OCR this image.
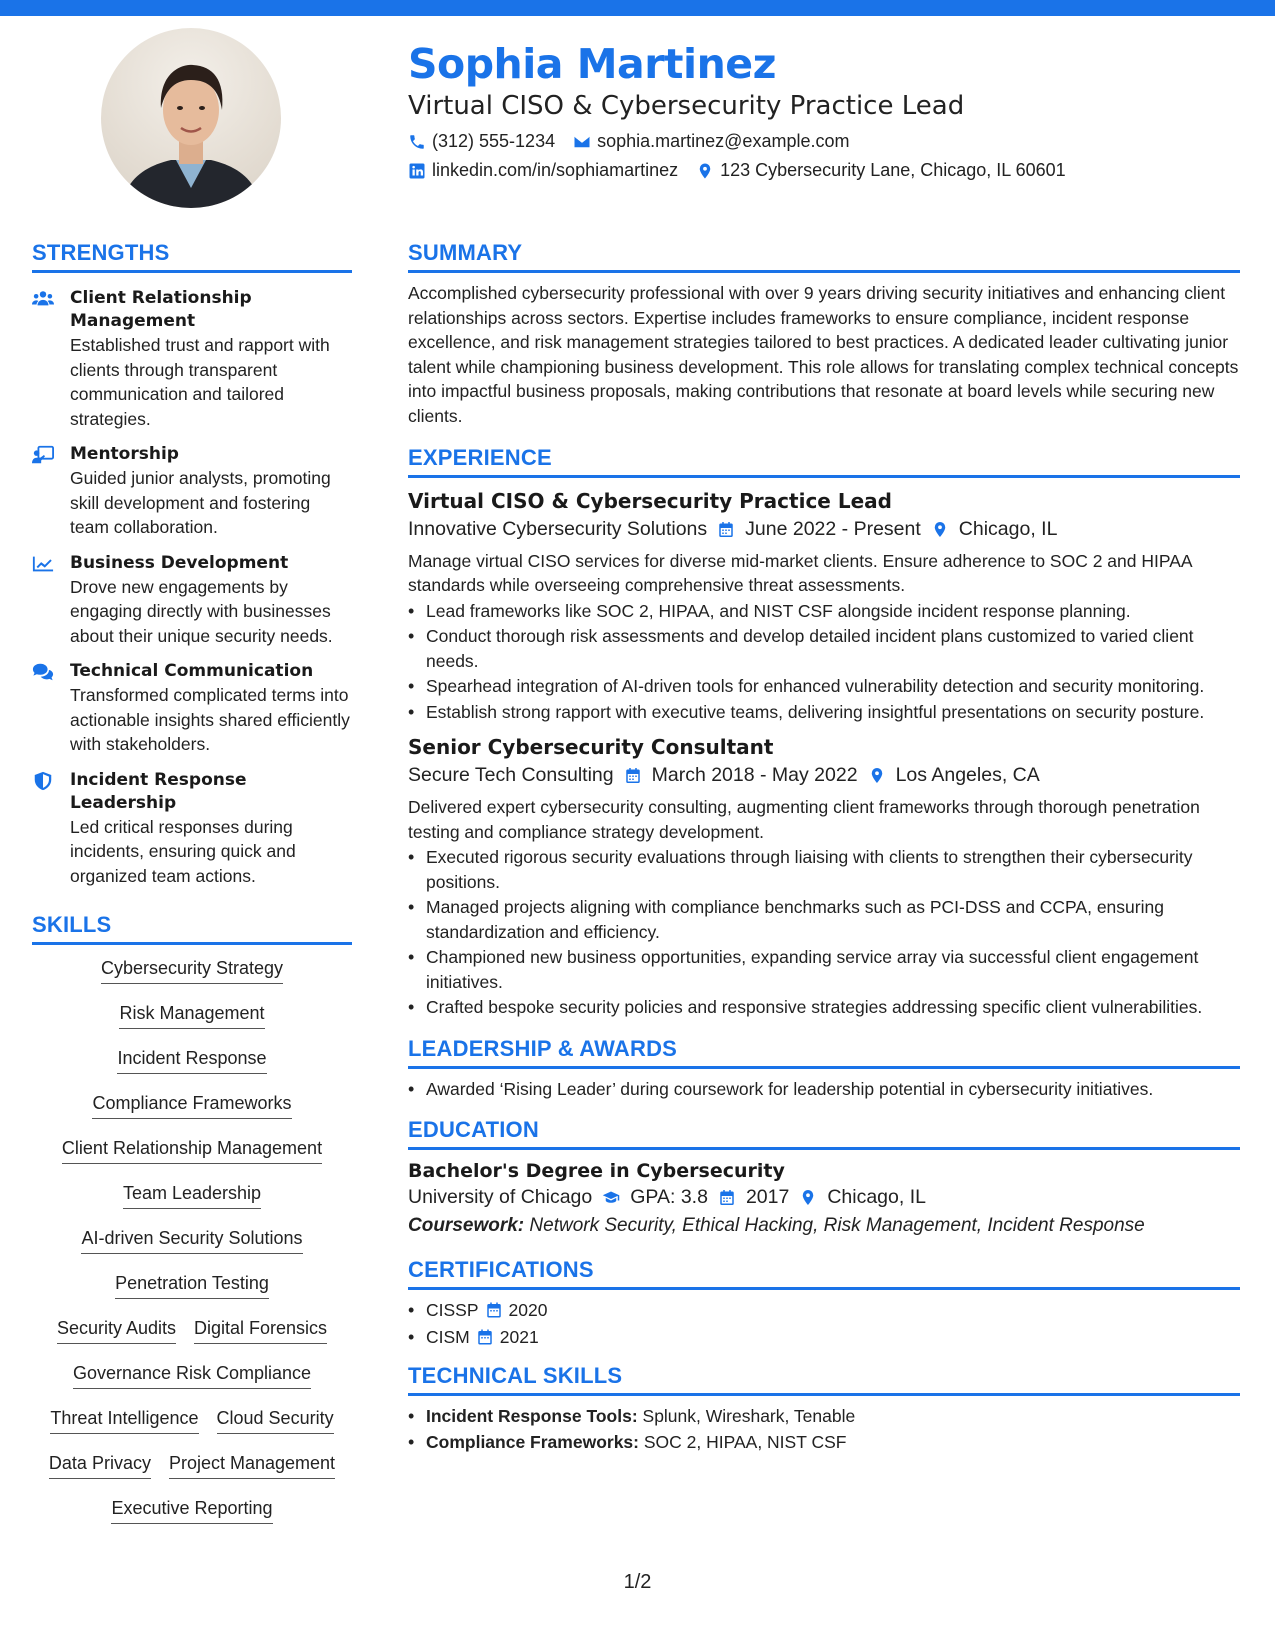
Sophia Martinez
Virtual CISO & Cybersecurity Practice Lead
(312) 555-1234 sophia.martinez@example.com
linkedin.com/in/sophiamartinez 123 Cybersecurity Lane, Chicago, IL 60601
STRENGTHS
Client Relationship Management
Established trust and rapport with clients through transparent communication and tailored strategies.
Mentorship
Guided junior analysts, promoting skill development and fostering team collaboration.
Business Development
Drove new engagements by engaging directly with businesses about their unique security needs.
Technical Communication
Transformed complicated terms into actionable insights shared efficiently with stakeholders.
Incident Response Leadership
Led critical responses during incidents, ensuring quick and organized team actions.
SKILLS
Cybersecurity Strategy
Risk Management
Incident Response
Compliance Frameworks
Client Relationship Management
Team Leadership
AI-driven Security Solutions
Penetration Testing
Security Audits Digital Forensics
Governance Risk Compliance
Threat Intelligence Cloud Security
Data Privacy Project Management
Executive Reporting
SUMMARY
Accomplished cybersecurity professional with over 9 years driving security initiatives and enhancing client relationships across sectors. Expertise includes frameworks to ensure compliance, incident response excellence, and risk management strategies tailored to best practices. A dedicated leader cultivating junior talent while championing business development. This role allows for translating complex technical concepts into impactful business proposals, making contributions that resonate at board levels while securing new clients.
EXPERIENCE
Virtual CISO & Cybersecurity Practice Lead
Innovative Cybersecurity Solutions June 2022 - Present Chicago, IL
Manage virtual CISO services for diverse mid-market clients. Ensure adherence to SOC 2 and HIPAA standards while overseeing comprehensive threat assessments.
• Lead frameworks like SOC 2, HIPAA, and NIST CSF alongside incident response planning.
• Conduct thorough risk assessments and develop detailed incident plans customized to varied client needs.
• Spearhead integration of AI-driven tools for enhanced vulnerability detection and security monitoring.
• Establish strong rapport with executive teams, delivering insightful presentations on security posture.
Senior Cybersecurity Consultant
Secure Tech Consulting March 2018 - May 2022 Los Angeles, CA
Delivered expert cybersecurity consulting, augmenting client frameworks through thorough penetration testing and compliance strategy development.
• Executed rigorous security evaluations through liaising with clients to strengthen their cybersecurity positions.
• Managed projects aligning with compliance benchmarks such as PCI-DSS and CCPA, ensuring standardization and efficiency.
• Championed new business opportunities, expanding service array via successful client engagement initiatives.
• Crafted bespoke security policies and responsive strategies addressing specific client vulnerabilities.
LEADERSHIP & AWARDS
• Awarded ‘Rising Leader’ during coursework for leadership potential in cybersecurity initiatives.
EDUCATION
Bachelor's Degree in Cybersecurity
University of Chicago GPA: 3.8 2017 Chicago, IL
Coursework: Network Security, Ethical Hacking, Risk Management, Incident Response
CERTIFICATIONS
• CISSP 2020
• CISM 2021
TECHNICAL SKILLS
• Incident Response Tools: Splunk, Wireshark, Tenable
• Compliance Frameworks: SOC 2, HIPAA, NIST CSF
1/2
